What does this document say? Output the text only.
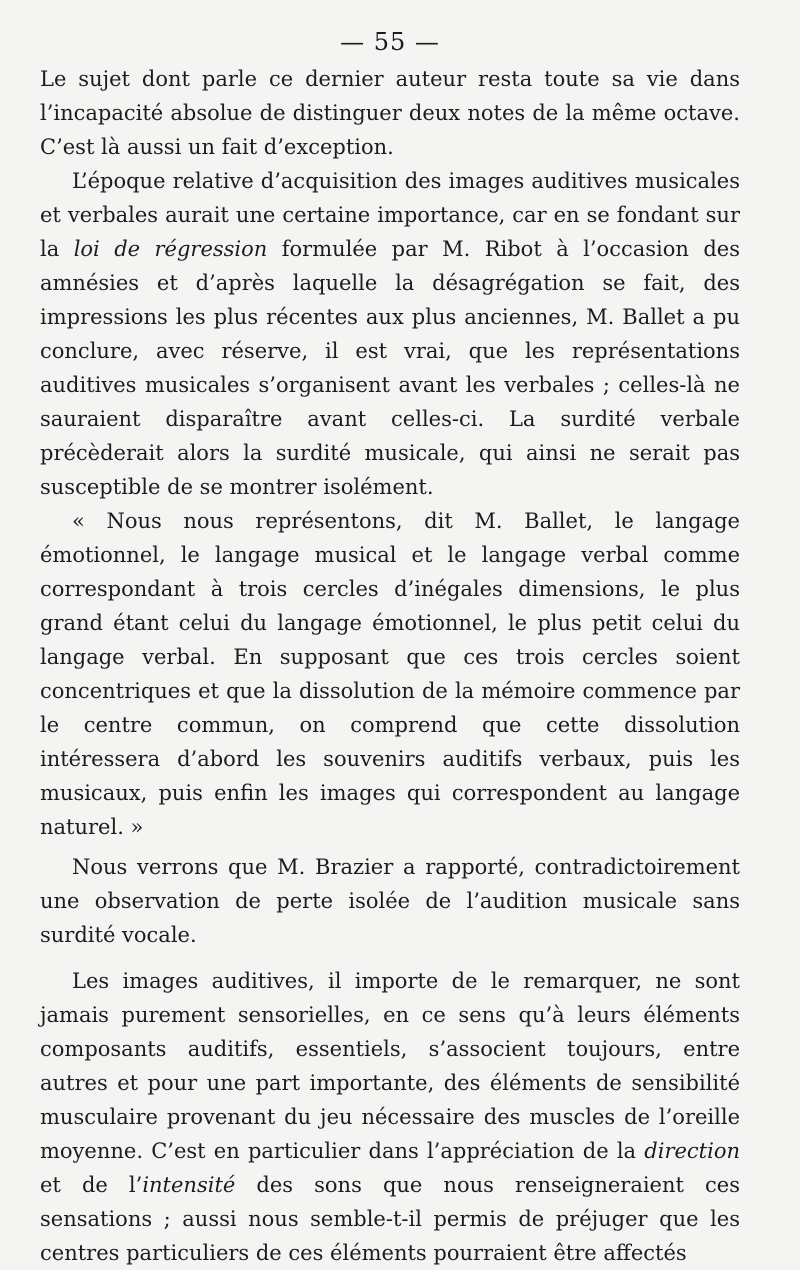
— 55 —

Le sujet dont parle ce dernier auteur resta toute sa vie dans l’incapacité absolue de distinguer deux notes de la même octave. C’est là aussi un fait d’exception.

L’époque relative d’acquisition des images auditives musicales et verbales aurait une certaine importance, car en se fondant sur la loi de régression formulée par M. Ribot à l’occasion des amnésies et d’après laquelle la désagrégation se fait, des impressions les plus récentes aux plus anciennes, M. Ballet a pu conclure, avec réserve, il est vrai, que les représentations auditives musicales s’organisent avant les verbales ; celles-là ne sauraient disparaître avant celles-ci. La surdité verbale précèderait alors la surdité musicale, qui ainsi ne serait pas susceptible de se montrer isolément.

« Nous nous représentons, dit M. Ballet, le langage émotionnel, le langage musical et le langage verbal comme correspondant à trois cercles d’inégales dimensions, le plus grand étant celui du langage émotionnel, le plus petit celui du langage verbal. En supposant que ces trois cercles soient concentriques et que la dissolution de la mémoire commence par le centre commun, on comprend que cette dissolution intéressera d’abord les souvenirs auditifs verbaux, puis les musicaux, puis enfin les images qui correspondent au langage naturel. »

Nous verrons que M. Brazier a rapporté, contradictoirement une observation de perte isolée de l’audition musicale sans surdité vocale.

Les images auditives, il importe de le remarquer, ne sont jamais purement sensorielles, en ce sens qu’à leurs éléments composants auditifs, essentiels, s’associent toujours, entre autres et pour une part importante, des éléments de sensibilité musculaire provenant du jeu nécessaire des muscles de l’oreille moyenne. C’est en particulier dans l’appréciation de la direction et de l’intensité des sons que nous renseigneraient ces sensations ; aussi nous semble-t-il permis de préjuger que les centres particuliers de ces éléments pourraient être affectés
